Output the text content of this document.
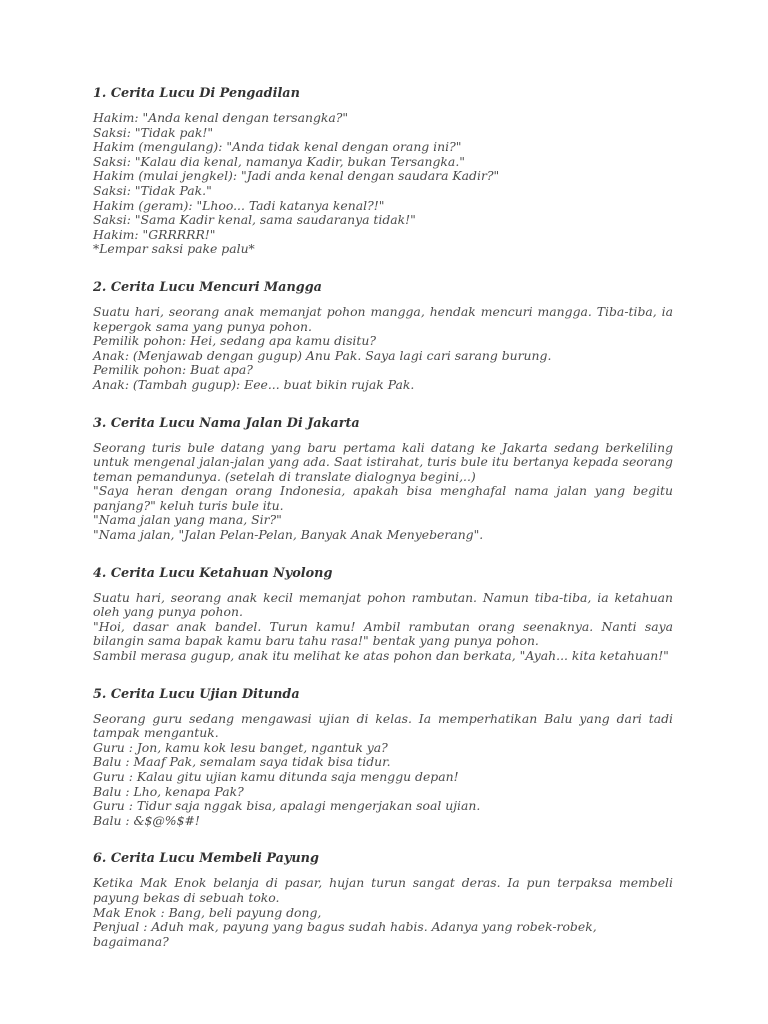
1. Cerita Lucu Di Pengadilan
Hakim: "Anda kenal dengan tersangka?"
Saksi: "Tidak pak!"
Hakim (mengulang): "Anda tidak kenal dengan orang ini?"
Saksi: "Kalau dia kenal, namanya Kadir, bukan Tersangka."
Hakim (mulai jengkel): "Jadi anda kenal dengan saudara Kadir?"
Saksi: "Tidak Pak."
Hakim (geram): "Lhoo... Tadi katanya kenal?!"
Saksi: "Sama Kadir kenal, sama saudaranya tidak!"
Hakim: "GRRRRR!"
*Lempar saksi pake palu*
2. Cerita Lucu Mencuri Mangga
Suatu hari, seorang anak memanjat pohon mangga, hendak mencuri mangga. Tiba-tiba, ia kepergok sama yang punya pohon.
Pemilik pohon: Hei, sedang apa kamu disitu?
Anak: (Menjawab dengan gugup) Anu Pak. Saya lagi cari sarang burung.
Pemilik pohon: Buat apa?
Anak: (Tambah gugup): Eee... buat bikin rujak Pak.
3. Cerita Lucu Nama Jalan Di Jakarta
Seorang turis bule datang yang baru pertama kali datang ke Jakarta sedang berkeliling untuk mengenal jalan-jalan yang ada. Saat istirahat, turis bule itu bertanya kepada seorang teman pemandunya. (setelah di translate dialognya begini,..)
"Saya heran dengan orang Indonesia, apakah bisa menghafal nama jalan yang begitu panjang?" keluh turis bule itu.
"Nama jalan yang mana, Sir?"
"Nama jalan, "Jalan Pelan-Pelan, Banyak Anak Menyeberang".
4. Cerita Lucu Ketahuan Nyolong
Suatu hari, seorang anak kecil memanjat pohon rambutan. Namun tiba-tiba, ia ketahuan oleh yang punya pohon.
"Hoi, dasar anak bandel. Turun kamu! Ambil rambutan orang seenaknya. Nanti saya bilangin sama bapak kamu baru tahu rasa!" bentak yang punya pohon.
Sambil merasa gugup, anak itu melihat ke atas pohon dan berkata, "Ayah... kita ketahuan!"
5. Cerita Lucu Ujian Ditunda
Seorang guru sedang mengawasi ujian di kelas. Ia memperhatikan Balu yang dari tadi tampak mengantuk.
Guru : Jon, kamu kok lesu banget, ngantuk ya?
Balu : Maaf Pak, semalam saya tidak bisa tidur.
Guru : Kalau gitu ujian kamu ditunda saja menggu depan!
Balu : Lho, kenapa Pak?
Guru : Tidur saja nggak bisa, apalagi mengerjakan soal ujian.
Balu : &$@%$#!
6. Cerita Lucu Membeli Payung
Ketika Mak Enok belanja di pasar, hujan turun sangat deras. Ia pun terpaksa membeli payung bekas di sebuah toko.
Mak Enok : Bang, beli payung dong,
Penjual : Aduh mak, payung yang bagus sudah habis. Adanya yang robek-robek, bagaimana?
